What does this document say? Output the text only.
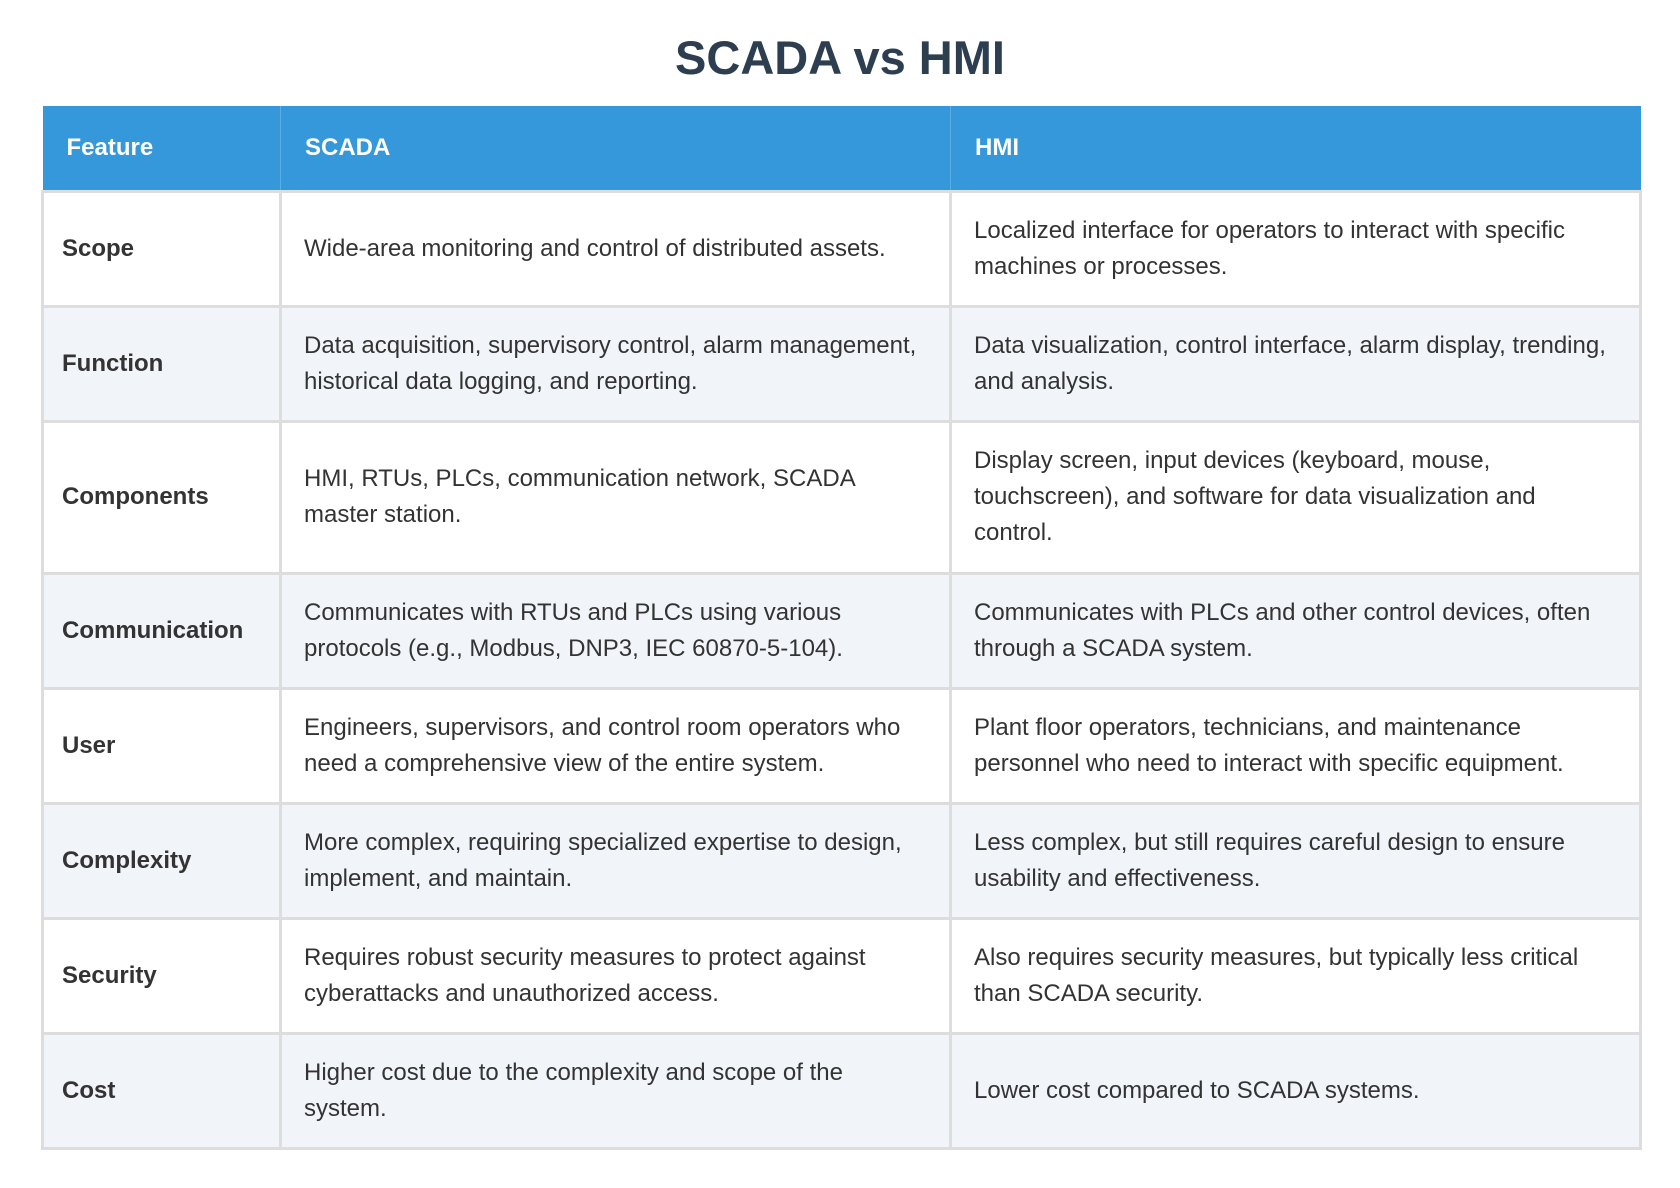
SCADA vs HMI
Feature	SCADA	HMI
Scope	Wide-area monitoring and control of distributed assets.	Localized interface for operators to interact with specific machines or processes.
Function	Data acquisition, supervisory control, alarm management, historical data logging, and reporting.	Data visualization, control interface, alarm display, trending, and analysis.
Components	HMI, RTUs, PLCs, communication network, SCADA master station.	Display screen, input devices (keyboard, mouse, touchscreen), and software for data visualization and control.
Communication	Communicates with RTUs and PLCs using various protocols (e.g., Modbus, DNP3, IEC 60870-5-104).	Communicates with PLCs and other control devices, often through a SCADA system.
User	Engineers, supervisors, and control room operators who need a comprehensive view of the entire system.	Plant floor operators, technicians, and maintenance personnel who need to interact with specific equipment.
Complexity	More complex, requiring specialized expertise to design, implement, and maintain.	Less complex, but still requires careful design to ensure usability and effectiveness.
Security	Requires robust security measures to protect against cyberattacks and unauthorized access.	Also requires security measures, but typically less critical than SCADA security.
Cost	Higher cost due to the complexity and scope of the system.	Lower cost compared to SCADA systems.
